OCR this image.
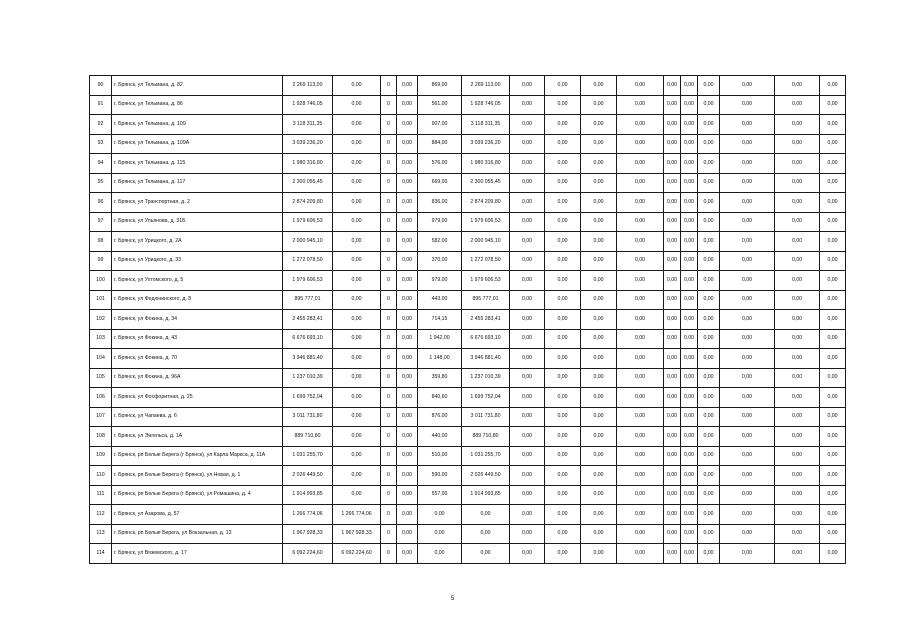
90	г. Брянск, ул Тельмана, д. 82	2 269 113,00	0,00	0	0,00	869,00	2 269 113,00	0,00	0,00	0,00	0,00	0,00	0,00	0,00	0,00	0,00	0,00
91	г. Брянск, ул Тельмана, д. 86	1 928 746,05	0,00	0	0,00	561,00	1 928 746,05	0,00	0,00	0,00	0,00	0,00	0,00	0,00	0,00	0,00	0,00
92	г. Брянск, ул Тельмана, д. 109	3 118 311,35	0,00	0	0,00	907,00	3 118 311,35	0,00	0,00	0,00	0,00	0,00	0,00	0,00	0,00	0,00	0,00
93	г. Брянск, ул Тельмана, д. 109А	3 039 236,20	0,00	0	0,00	884,00	3 039 236,20	0,00	0,00	0,00	0,00	0,00	0,00	0,00	0,00	0,00	0,00
94	г. Брянск, ул Тельмана, д. 115	1 980 316,80	0,00	0	0,00	576,00	1 980 316,80	0,00	0,00	0,00	0,00	0,00	0,00	0,00	0,00	0,00	0,00
95	г. Брянск, ул Тельмана, д. 117	2 300 055,45	0,00	0	0,00	669,00	2 300 055,45	0,00	0,00	0,00	0,00	0,00	0,00	0,00	0,00	0,00	0,00
96	г. Брянск, ул Транспортная, д. 2	2 874 209,80	0,00	0	0,00	836,00	2 874 209,80	0,00	0,00	0,00	0,00	0,00	0,00	0,00	0,00	0,00	0,00
97	г. Брянск, ул Ульянова, д. 31Б	1 979 606,53	0,00	0	0,00	979,00	1 979 606,53	0,00	0,00	0,00	0,00	0,00	0,00	0,00	0,00	0,00	0,00
98	г. Брянск, ул Урицкого, д. 2А	2 000 945,10	0,00	0	0,00	582,00	2 000 945,10	0,00	0,00	0,00	0,00	0,00	0,00	0,00	0,00	0,00	0,00
99	г. Брянск, ул Урицкого, д. 33	1 272 078,50	0,00	0	0,00	370,00	1 272 078,50	0,00	0,00	0,00	0,00	0,00	0,00	0,00	0,00	0,00	0,00
100	г. Брянск, ул Ухтомского, д. 5	1 979 606,53	0,00	0	0,00	979,00	1 979 606,53	0,00	0,00	0,00	0,00	0,00	0,00	0,00	0,00	0,00	0,00
101	г. Брянск, ул Федюнинского, д. 8	895 777,01	0,00	0	0,00	443,00	895 777,01	0,00	0,00	0,00	0,00	0,00	0,00	0,00	0,00	0,00	0,00
102	г. Брянск, ул Фокина, д. 34	2 455 283,41	0,00	0	0,00	714,15	2 455 283,41	0,00	0,00	0,00	0,00	0,00	0,00	0,00	0,00	0,00	0,00
103	г. Брянск, ул Фокина, д. 43	6 676 693,10	0,00	0	0,00	1 942,00	6 676 693,10	0,00	0,00	0,00	0,00	0,00	0,00	0,00	0,00	0,00	0,00
104	г. Брянск, ул Фокина, д. 70	3 946 881,40	0,00	0	0,00	1 148,00	3 946 881,40	0,00	0,00	0,00	0,00	0,00	0,00	0,00	0,00	0,00	0,00
105	г. Брянск, ул Фокина, д. 96А	1 237 010,39	0,00	0	0,00	359,80	1 237 010,39	0,00	0,00	0,00	0,00	0,00	0,00	0,00	0,00	0,00	0,00
106	г. Брянск, ул Фосфоритная, д. 25	1 699 752,04	0,00	0	0,00	840,60	1 699 752,04	0,00	0,00	0,00	0,00	0,00	0,00	0,00	0,00	0,00	0,00
107	г. Брянск, ул Чапаева, д. 6	3 011 731,80	0,00	0	0,00	876,00	3 011 731,80	0,00	0,00	0,00	0,00	0,00	0,00	0,00	0,00	0,00	0,00
108	г. Брянск, ул Энгельса, д. 1А	889 710,80	0,00	0	0,00	440,00	889 710,80	0,00	0,00	0,00	0,00	0,00	0,00	0,00	0,00	0,00	0,00
109	г. Брянск, рп Белые Берега (г Брянск), ул Карла Маркса, д. 11А	1 031 255,70	0,00	0	0,00	510,00	1 031 255,70	0,00	0,00	0,00	0,00	0,00	0,00	0,00	0,00	0,00	0,00
110	г. Брянск, рп Белые Берега (г Брянск), ул Новая, д. 1	2 026 449,50	0,00	0	0,00	590,00	2 026 449,50	0,00	0,00	0,00	0,00	0,00	0,00	0,00	0,00	0,00	0,00
111	г. Брянск, рп Белые Берега (г Брянск), ул Ромашина, д. 4	1 914 993,85	0,00	0	0,00	557,00	1 914 993,85	0,00	0,00	0,00	0,00	0,00	0,00	0,00	0,00	0,00	0,00
112	г. Брянск, ул Азарова, д. 57	1 266 774,06	1 266 774,06	0	0,00	0,00	0,00	0,00	0,00	0,00	0,00	0,00	0,00	0,00	0,00	0,00	0,00
113	г. Брянск, рп Белые Берега, ул Вокзальная, д. 13	1 967 928,33	1 967 928,33	0	0,00	0,00	0,00	0,00	0,00	0,00	0,00	0,00	0,00	0,00	0,00	0,00	0,00
114	г. Брянск, ул Вяземского, д. 17	6 092 224,60	6 092 224,60	0	0,00	0,00	0,00	0,00	0,00	0,00	0,00	0,00	0,00	0,00	0,00	0,00	0,00
5
